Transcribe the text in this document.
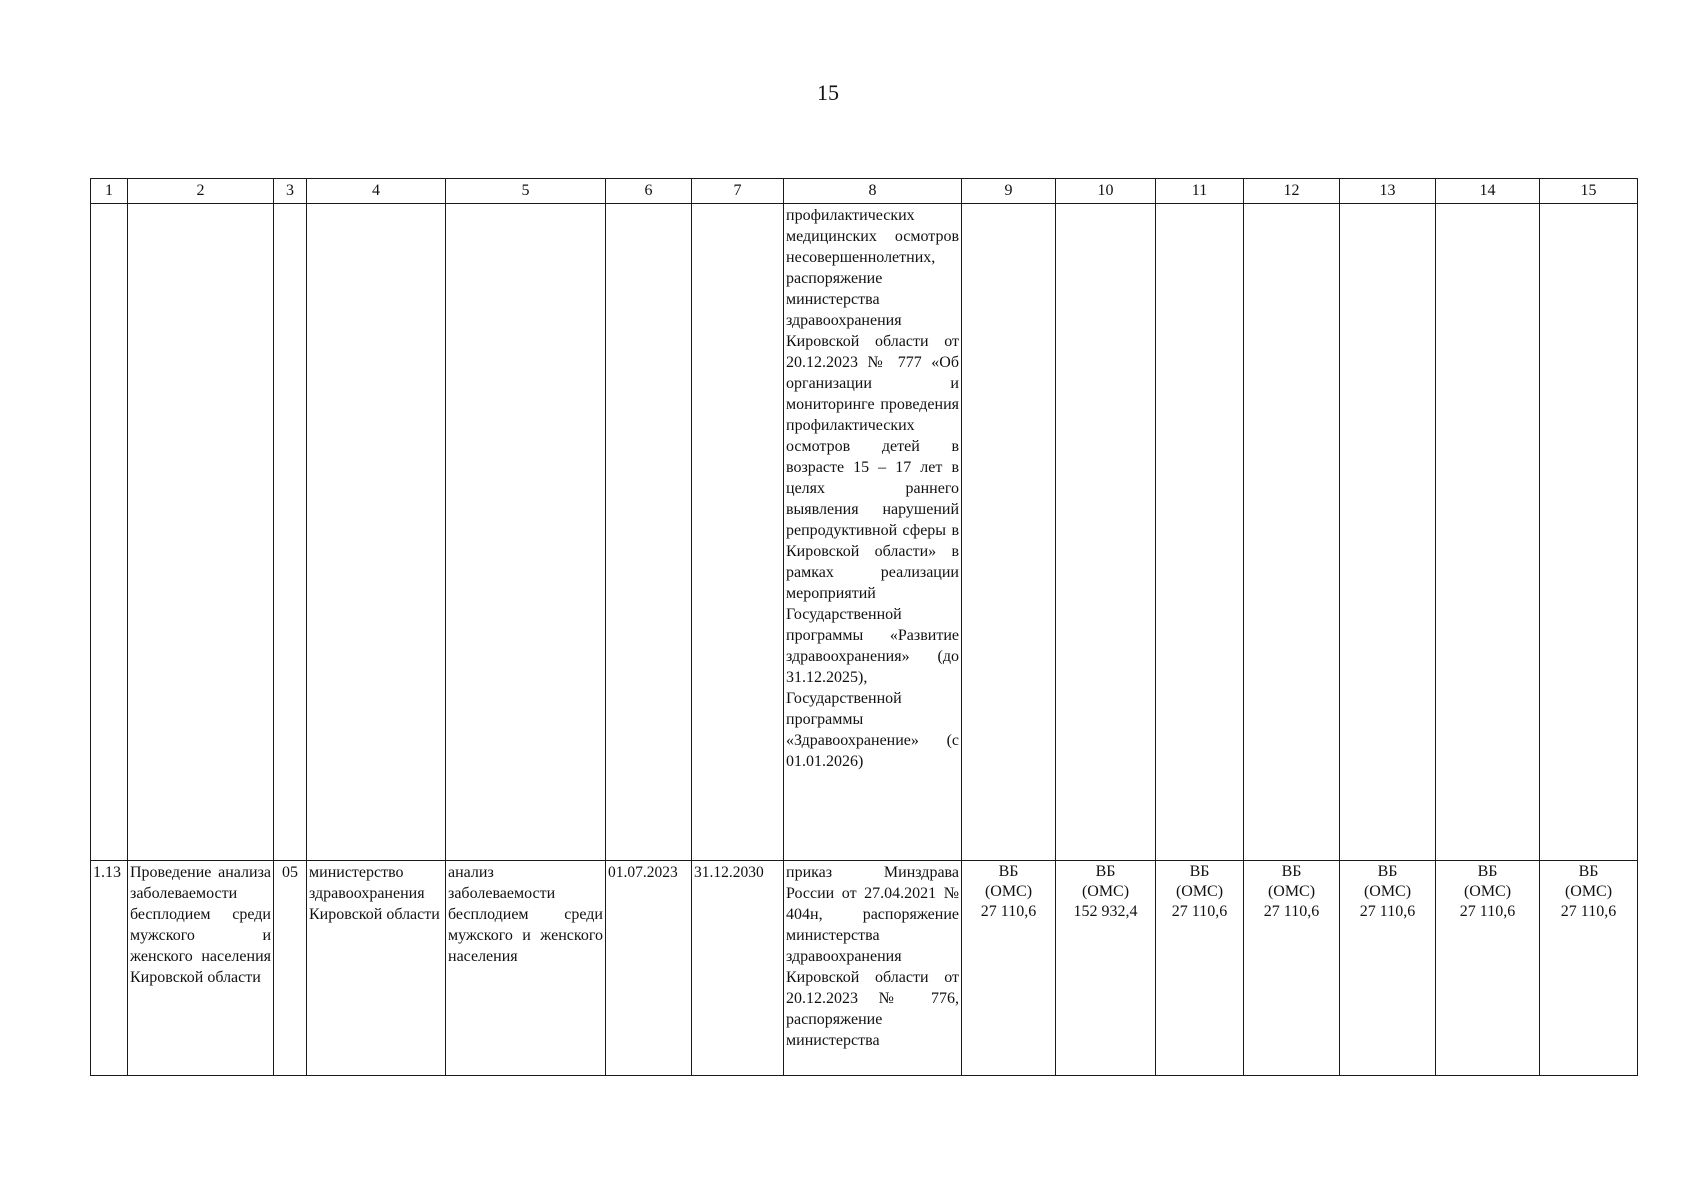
15
1	2	3	4	5	6	7	8	9	10	11	12	13	14	15
							профилактических медицинских осмотров несовершеннолетних, распоряжение министерства здравоохранения Кировской области от 20.12.2023 № 777 «Об организации и мониторинге проведения профилактических осмотров детей в возрасте 15 – 17 лет в целях раннего выявления нарушений репродуктивной сферы в Кировской области» в рамках реализации мероприятий Государственной программы «Развитие здравоохранения» (до 31.12.2025), Государственной программы «Здравоохранение» (с 01.01.2026)							
1.13	Проведение анализа заболеваемости бесплодием среди мужского и женского населения Кировской области	05	министерство здравоохранения Кировской области	анализ заболеваемости бесплодием среди мужского и женского населения	01.07.2023	31.12.2030	приказ Минздрава России от 27.04.2021 № 404н, распоряжение министерства здравоохранения Кировской области от 20.12.2023 № 776, распоряжение министерства	ВБ
(ОМС)
27 110,6	ВБ
(ОМС)
152 932,4	ВБ
(ОМС)
27 110,6	ВБ
(ОМС)
27 110,6	ВБ
(ОМС)
27 110,6	ВБ
(ОМС)
27 110,6	ВБ
(ОМС)
27 110,6
